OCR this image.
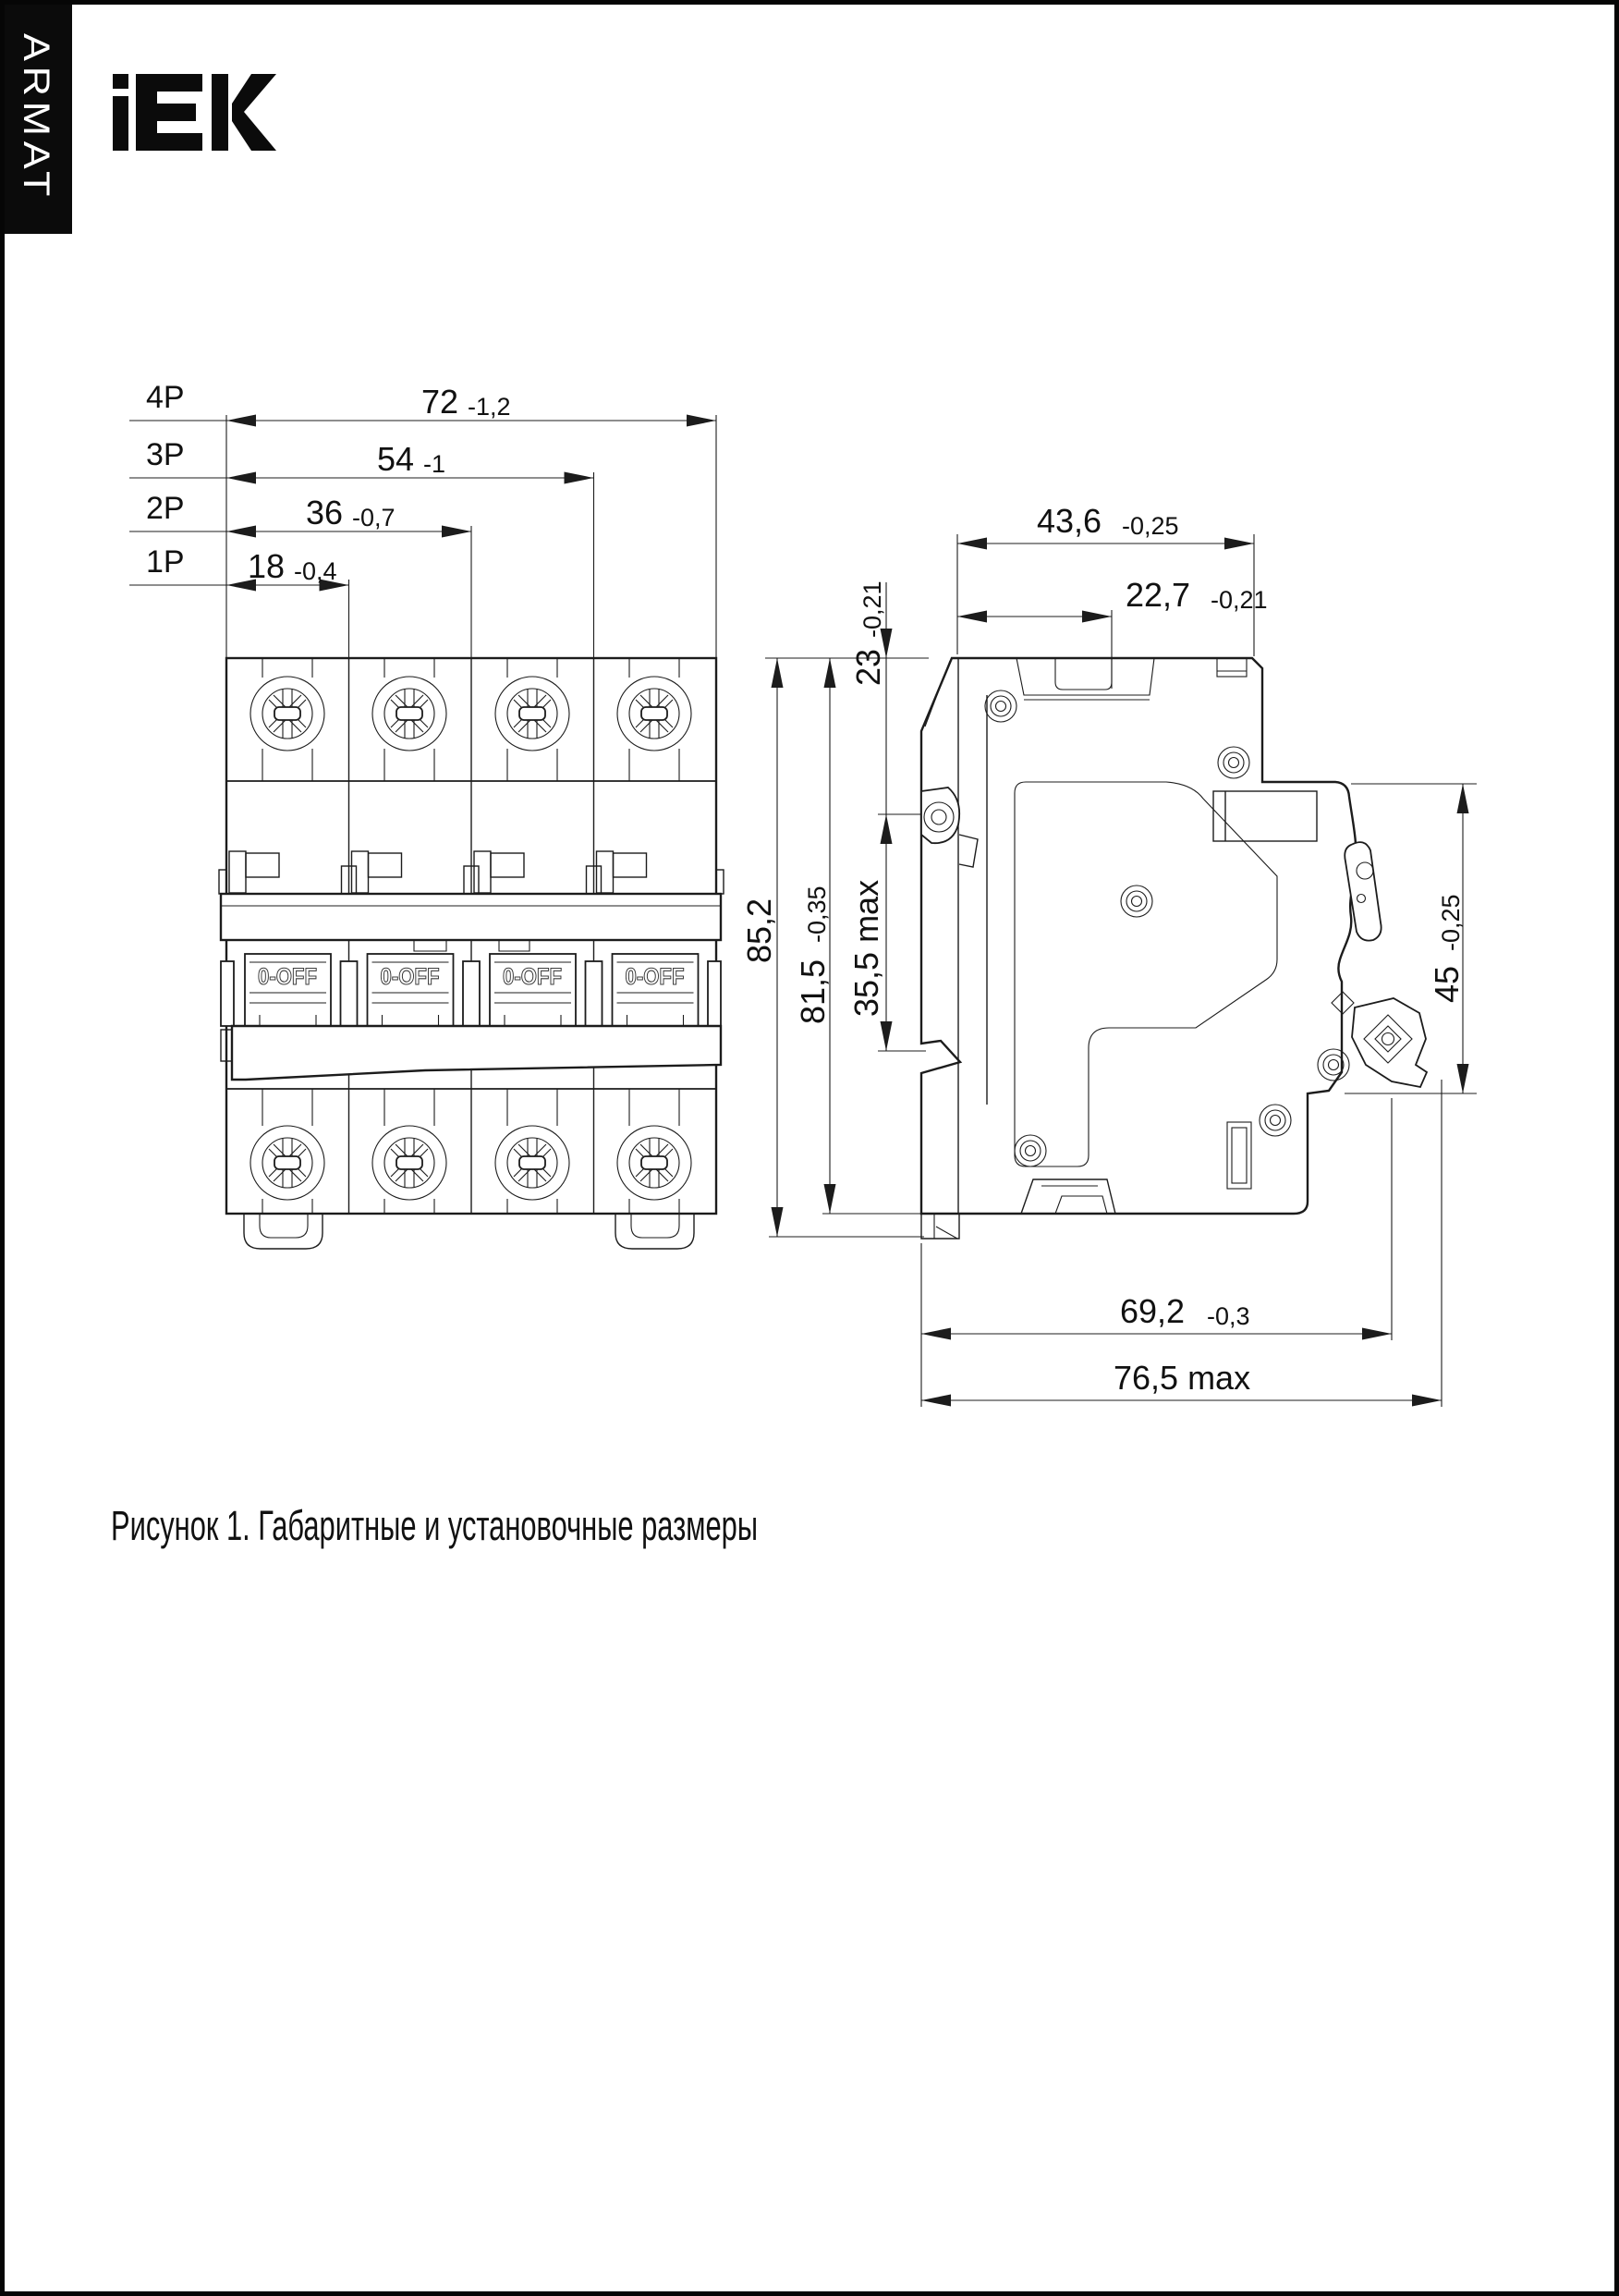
ARMAT
4P	72 -1,2
3P	54 -1
2P	36 -0,7
1P 18 -0,4
85,2
81,5
-0,35
23
-0,21
35,5 max
43,6 -0,25
22,7 -0,21
45
-0,25
69,2 -0,3
76,5 max
Рисунок 1. Габаритные и установочные размеры
